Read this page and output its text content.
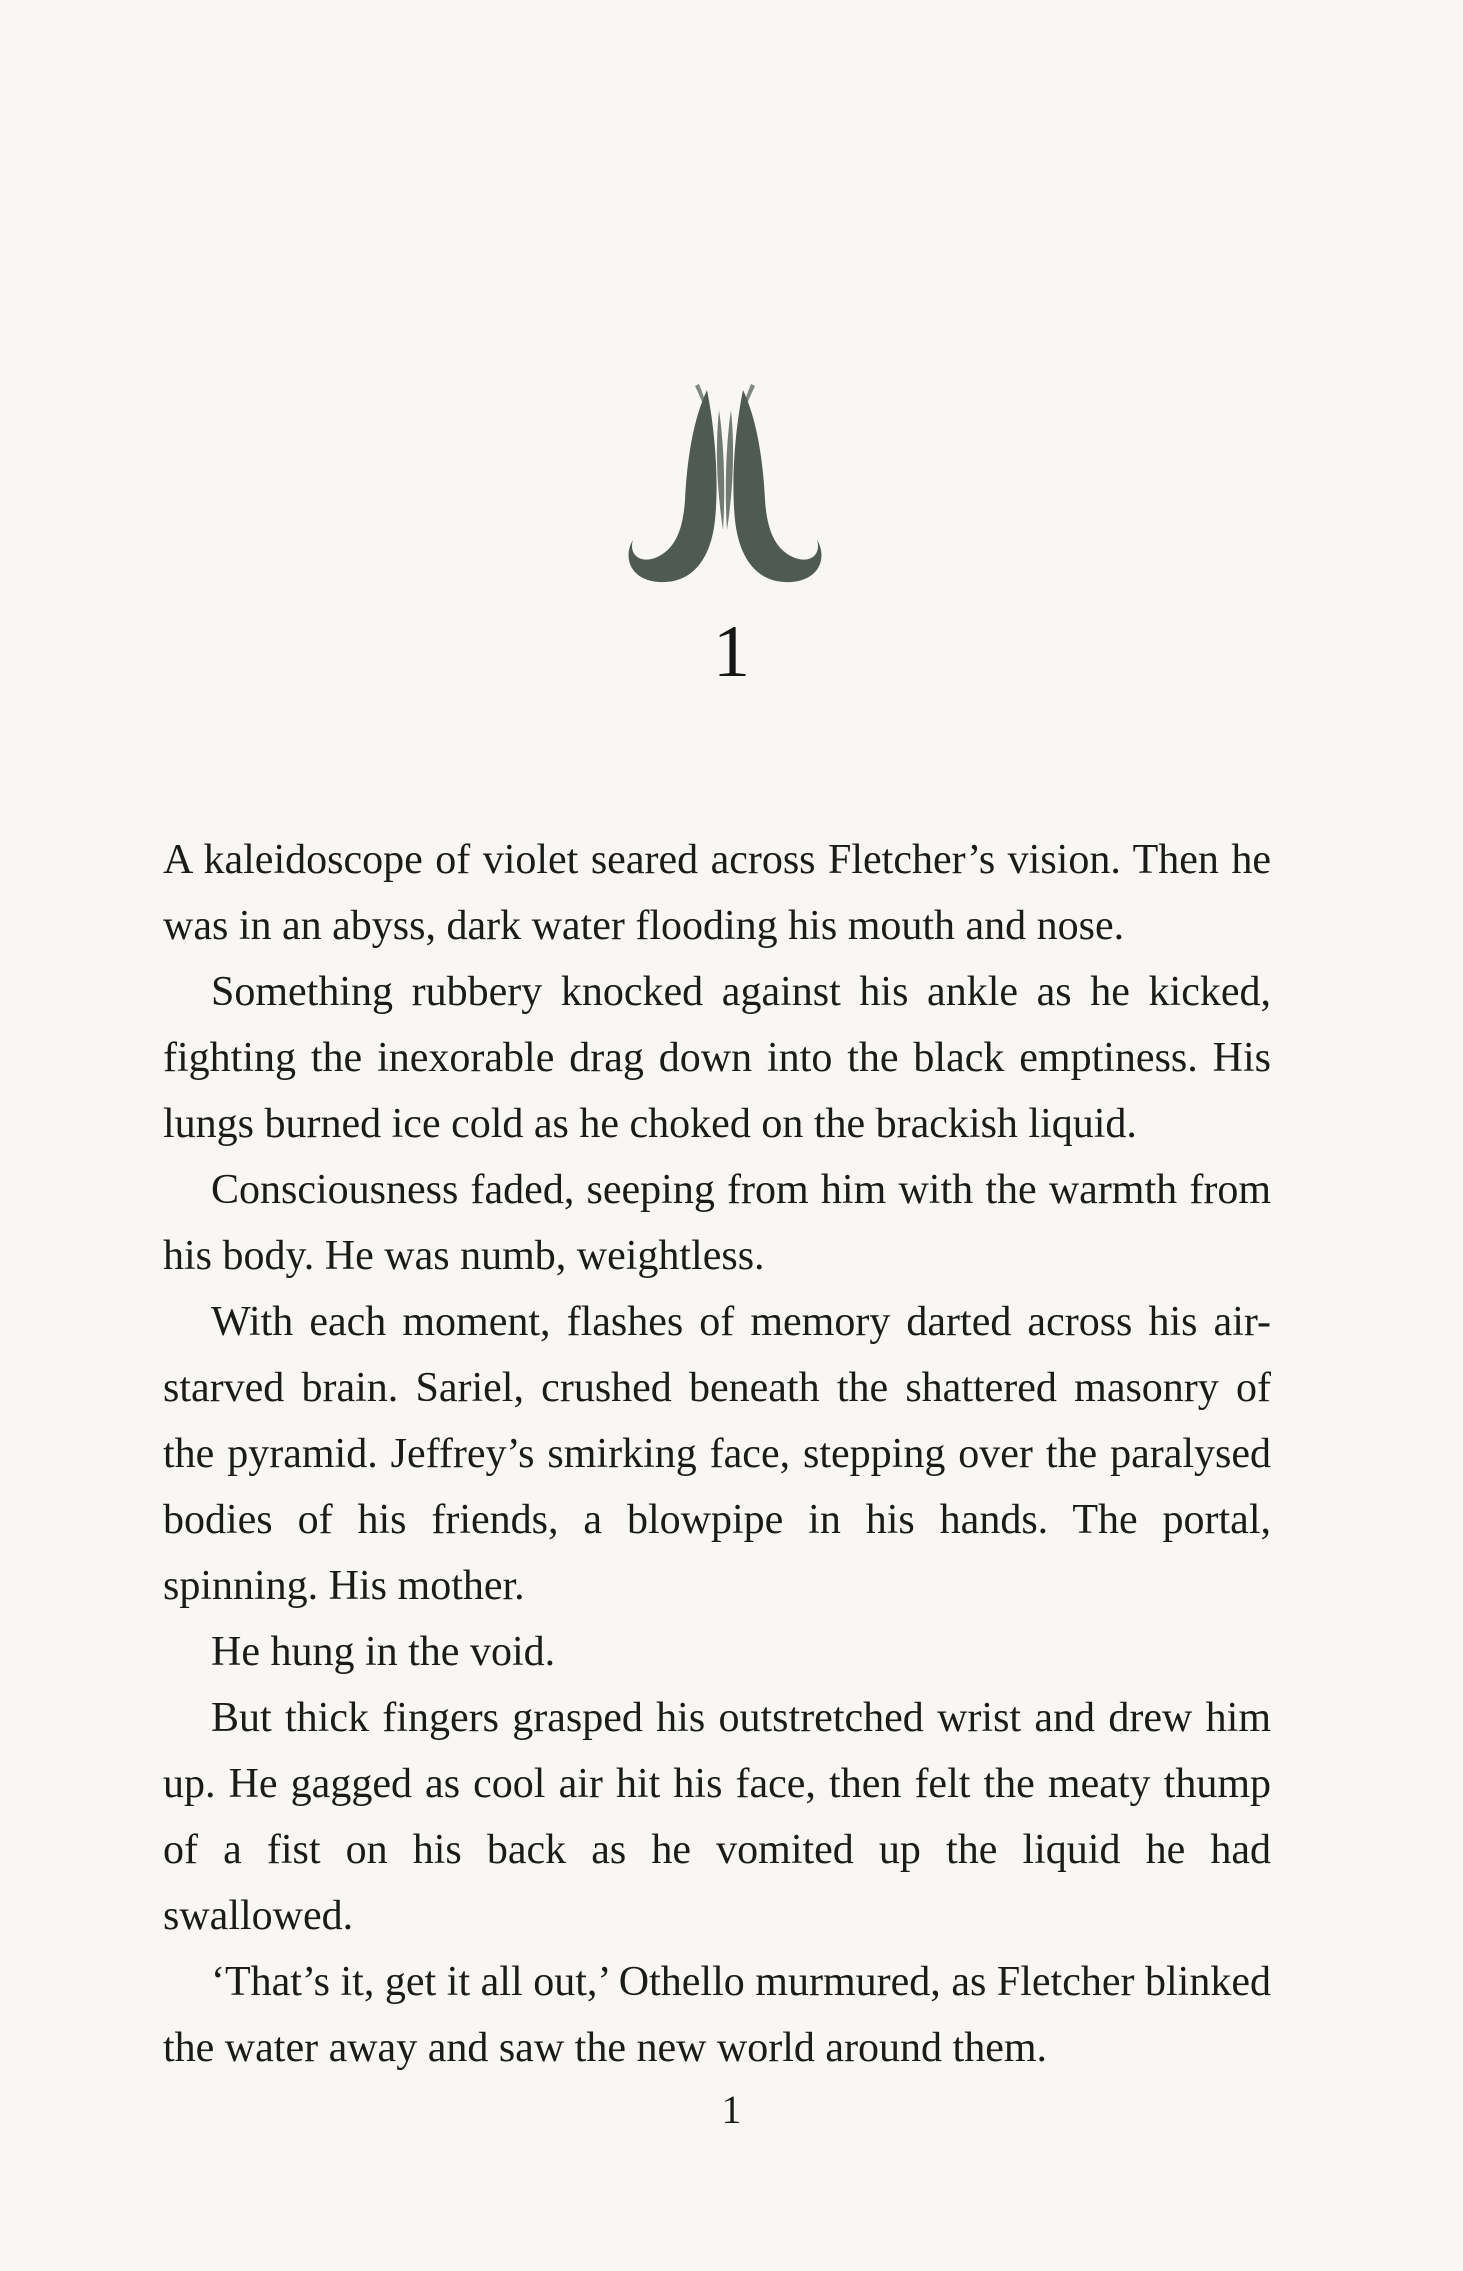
1

A kaleidoscope of violet seared across Fletcher’s vision. Then he was in an abyss, dark water flooding his mouth and nose.

Something rubbery knocked against his ankle as he kicked, fighting the inexorable drag down into the black emptiness. His lungs burned ice cold as he choked on the brackish liquid.

Consciousness faded, seeping from him with the warmth from his body. He was numb, weightless.

With each moment, flashes of memory darted across his air-starved brain. Sariel, crushed beneath the shattered masonry of the pyramid. Jeffrey’s smirking face, stepping over the paralysed bodies of his friends, a blowpipe in his hands. The portal, spinning. His mother.

He hung in the void.

But thick fingers grasped his outstretched wrist and drew him up. He gagged as cool air hit his face, then felt the meaty thump of a fist on his back as he vomited up the liquid he had swallowed.

‘That’s it, get it all out,’ Othello murmured, as Fletcher blinked the water away and saw the new world around them.

1
